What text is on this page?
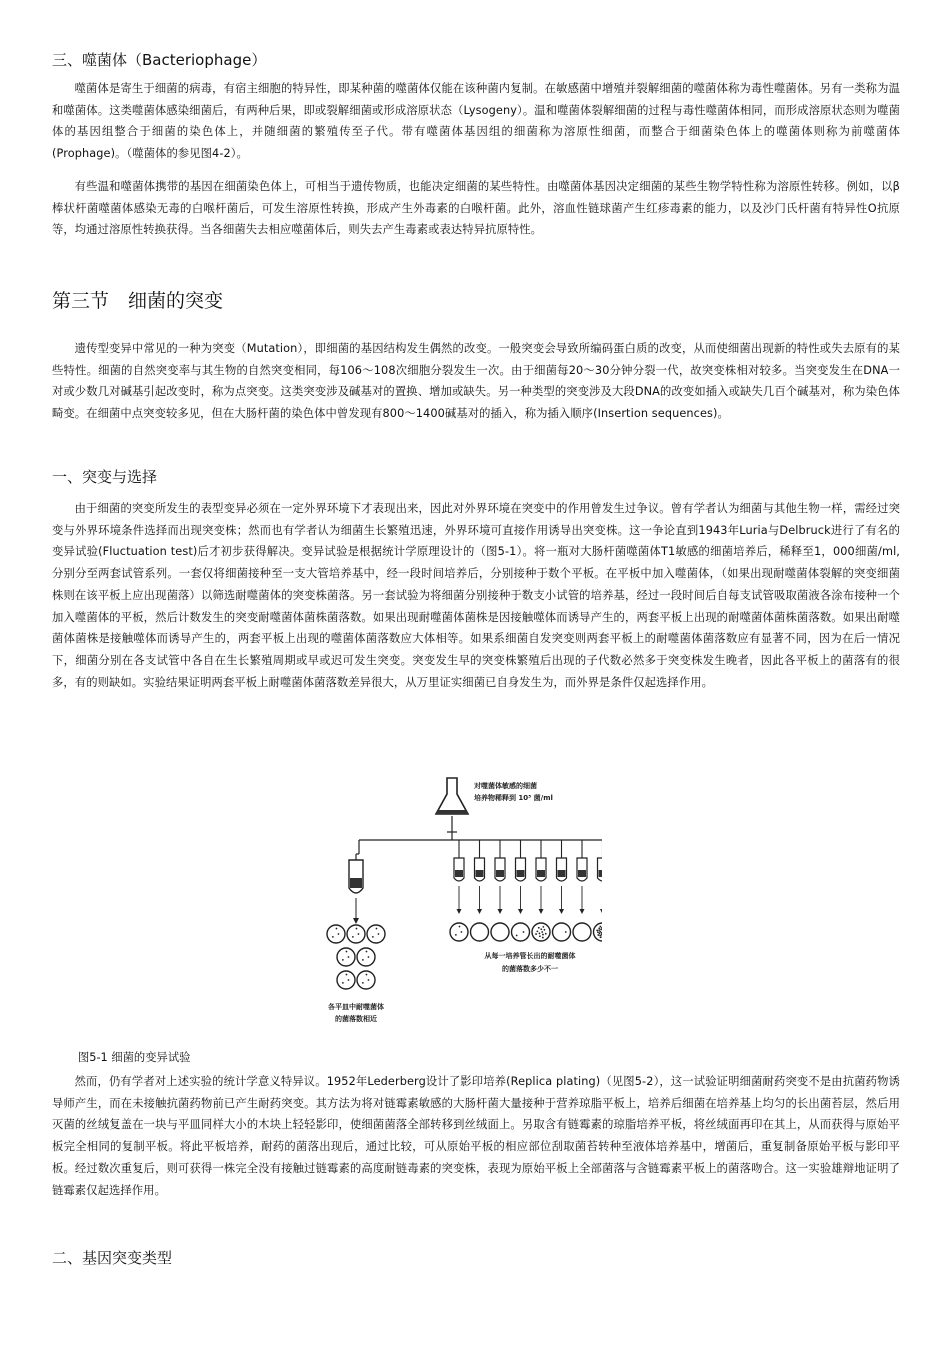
三、噬菌体（Bacteriophage）

噬菌体是寄生于细菌的病毒，有宿主细胞的特异性，即某种菌的噬菌体仅能在该种菌内复制。在敏感菌中增殖并裂解细菌的噬菌体称为毒性噬菌体。另有一类称为温和噬菌体。这类噬菌体感染细菌后，有两种后果，即或裂解细菌或形成溶原状态（Lysogeny）。温和噬菌体裂解细菌的过程与毒性噬菌体相同，而形成溶原状态则为噬菌体的基因组整合于细菌的染色体上，并随细菌的繁殖传至子代。带有噬菌体基因组的细菌称为溶原性细菌，而整合于细菌染色体上的噬菌体则称为前噬菌体(Prophage)。（噬菌体的参见图4-2）。

有些温和噬菌体携带的基因在细菌染色体上，可相当于遗传物质，也能决定细菌的某些特性。由噬菌体基因决定细菌的某些生物学特性称为溶原性转移。例如，以β棒状杆菌噬菌体感染无毒的白喉杆菌后，可发生溶原性转换，形成产生外毒素的白喉杆菌。此外，溶血性链球菌产生红疹毒素的能力，以及沙门氏杆菌有特异性O抗原等，均通过溶原性转换获得。当各细菌失去相应噬菌体后，则失去产生毒素或表达特异抗原特性。

第三节　细菌的突变

遗传型变异中常见的一种为突变（Mutation），即细菌的基因结构发生偶然的改变。一般突变会导致所编码蛋白质的改变，从而使细菌出现新的特性或失去原有的某些特性。细菌的自然突变率与其生物的自然突变相同，每106～108次细胞分裂发生一次。由于细菌每20～30分钟分裂一代，故突变株相对较多。当突变发生在DNA一对或少数几对碱基引起改变时，称为点突变。这类突变涉及碱基对的置换、增加或缺失。另一种类型的突变涉及大段DNA的改变如插入或缺失几百个碱基对，称为染色体畸变。在细菌中点突变较多见，但在大肠杆菌的染色体中曾发现有800～1400碱基对的插入，称为插入顺序(Insertion sequences)。

一、突变与选择

由于细菌的突变所发生的表型变异必须在一定外界环境下才表现出来，因此对外界环境在突变中的作用曾发生过争议。曾有学者认为细菌与其他生物一样，需经过突变与外界环境条件选择而出现突变株；然而也有学者认为细菌生长繁殖迅速，外界环境可直接作用诱导出突变株。这一争论直到1943年Luria与Delbruck进行了有名的变异试验(Fluctuation test)后才初步获得解决。变异试验是根据统计学原理设计的（图5-1）。将一瓶对大肠杆菌噬菌体T1敏感的细菌培养后，稀释至1，000细菌/ml,分别分至两套试管系列。一套仅将细菌接种至一支大管培养基中，经一段时间培养后，分别接种于数个平板。在平板中加入噬菌体，（如果出现耐噬菌体裂解的突变细菌株则在该平板上应出现菌落）以筛选耐噬菌体的突变株菌落。另一套试验为将细菌分别接种于数支小试管的培养基，经过一段时间后自每支试管吸取菌液各涂布接种一个加入噬菌体的平板，然后计数发生的突变耐噬菌体菌株菌落数。如果出现耐噬菌体菌株是因接触噬体而诱导产生的，两套平板上出现的耐噬菌体菌株菌落数。如果出耐噬菌体菌株是接触噬体而诱导产生的，两套平板上出现的噬菌体菌落数应大体相等。如果系细菌自发突变则两套平板上的耐噬菌体菌落数应有显著不同，因为在后一情况下，细菌分别在各支试管中各自在生长繁殖周期或早或迟可发生突变。突变发生早的突变株繁殖后出现的子代数必然多于突变株发生晚者，因此各平板上的菌落有的很多，有的则缺如。实验结果证明两套平板上耐噬菌体菌落数差异很大，从万里证实细菌已自身发生为，而外界是条件仅起选择作用。

图5-1 细菌的变异试验

然而，仍有学者对上述实验的统计学意义特异议。1952年Lederberg设计了影印培养(Replica plating)（见图5-2），这一试验证明细菌耐药突变不是由抗菌药物诱导师产生，而在未接触抗菌药物前已产生耐药突变。其方法为将对链霉素敏感的大肠杆菌大量接种于营养琼脂平板上，培养后细菌在培养基上均匀的长出菌苔层，然后用灭菌的丝绒复盖在一块与平皿同样大小的木块上轻轻影印，使细菌菌落全部转移到丝绒面上。另取含有链霉素的琼脂培养平板，将丝绒面再印在其上，从而获得与原始平板完全相同的复制平板。将此平板培养，耐药的菌落出现后，通过比较，可从原始平板的相应部位刮取菌苔转种至液体培养基中，增菌后，重复制备原始平板与影印平板。经过数次重复后，则可获得一株完全没有接触过链霉素的高度耐链毒素的突变株，表现为原始平板上全部菌落与含链霉素平板上的菌落吻合。这一实验雄辩地证明了链霉素仅起选择作用。

二、基因突变类型
对噬菌体敏感的细菌
培养物稀释到 10³ 菌/ml
各平皿中耐噬菌体
的菌落数相近
从每一培养管长出的耐噬菌体
的菌落数多少不一
